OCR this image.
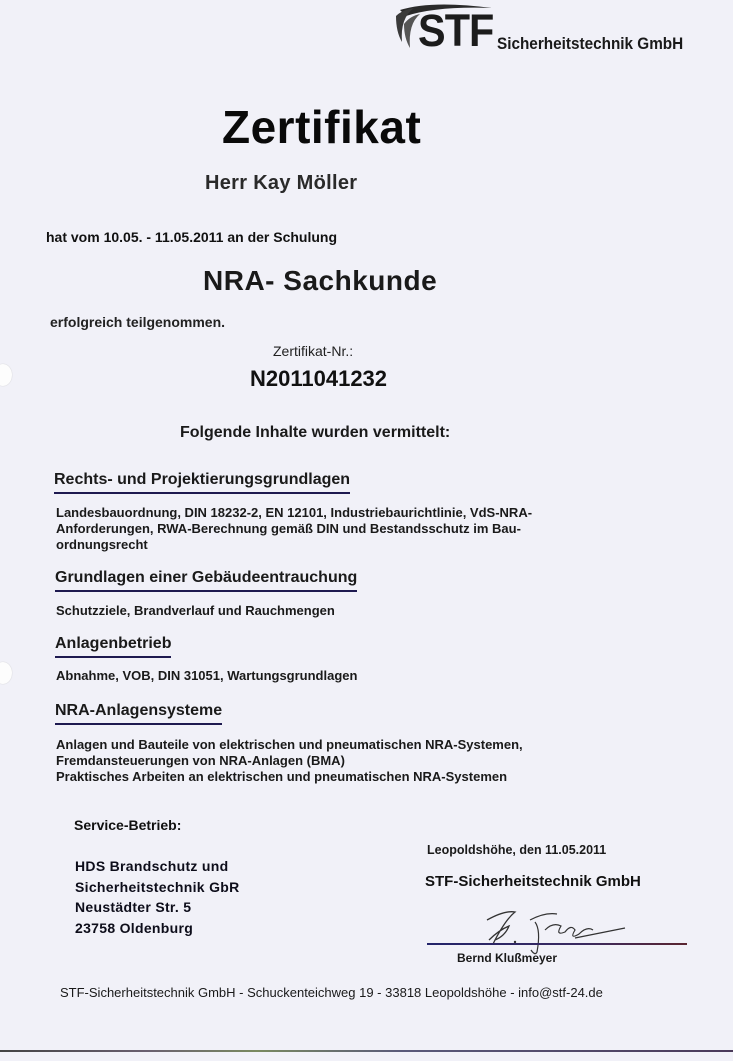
STF Sicherheitstechnik GmbH
Zertifikat
Herr Kay Möller
hat vom 10.05. - 11.05.2011 an der Schulung
NRA- Sachkunde
erfolgreich teilgenommen.
Zertifikat-Nr.:
N2011041232
Folgende Inhalte wurden vermittelt:
Rechts- und Projektierungsgrundlagen
Landesbauordnung, DIN 18232-2, EN 12101, Industriebaurichtlinie, VdS-NRA-
Anforderungen, RWA-Berechnung gemäß DIN und Bestandsschutz im Bau-
ordnungsrecht
Grundlagen einer Gebäudeentrauchung
Schutzziele, Brandverlauf und Rauchmengen
Anlagenbetrieb
Abnahme, VOB, DIN 31051, Wartungsgrundlagen
NRA-Anlagensysteme
Anlagen und Bauteile von elektrischen und pneumatischen NRA-Systemen,
Fremdansteuerungen von NRA-Anlagen (BMA)
Praktisches Arbeiten an elektrischen und pneumatischen NRA-Systemen
Service-Betrieb:
HDS Brandschutz und
Sicherheitstechnik GbR
Neustädter Str. 5
23758 Oldenburg
Leopoldshöhe, den 11.05.2011
STF-Sicherheitstechnik GmbH
Bernd Klußmeyer
STF-Sicherheitstechnik GmbH - Schuckenteichweg 19 - 33818 Leopoldshöhe - info@stf-24.de
